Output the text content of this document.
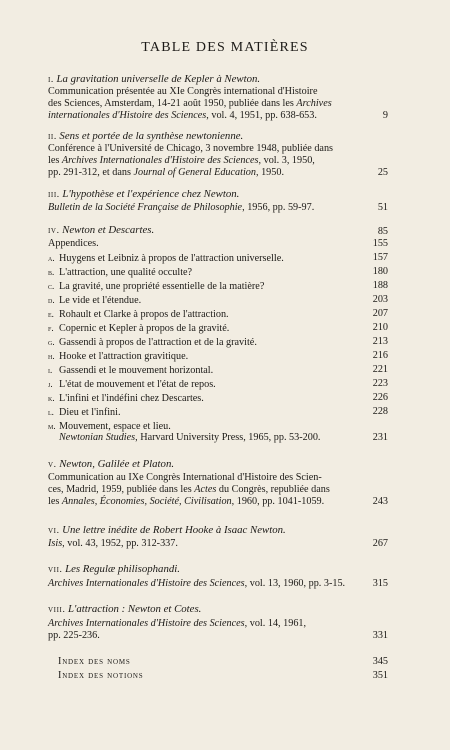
TABLE DES MATIÈRES
i. La gravitation universelle de Kepler à Newton.
Communication présentée au XIe Congrès international d'Histoire
des Sciences, Amsterdam, 14-21 août 1950, publiée dans les Archives
internationales d'Histoire des Sciences, vol. 4, 1951, pp. 638-653.	9
ii. Sens et portée de la synthèse newtonienne.
Conférence à l'Université de Chicago, 3 novembre 1948, publiée dans
les Archives Internationales d'Histoire des Sciences, vol. 3, 1950,
pp. 291-312, et dans Journal of General Education, 1950.	25
iii. L'hypothèse et l'expérience chez Newton.
Bulletin de la Société Française de Philosophie, 1956, pp. 59-97.	51
iv. Newton et Descartes.	85
Appendices.	155
a. Huygens et Leibniz à propos de l'attraction universelle.	157
b. L'attraction, une qualité occulte?	180
c. La gravité, une propriété essentielle de la matière?	188
d. Le vide et l'étendue.	203
e. Rohault et Clarke à propos de l'attraction.	207
f. Copernic et Kepler à propos de la gravité.	210
g. Gassendi à propos de l'attraction et de la gravité.	213
h. Hooke et l'attraction gravitique.	216
i. Gassendi et le mouvement horizontal.	221
j. L'état de mouvement et l'état de repos.	223
k. L'infini et l'indéfini chez Descartes.	226
l. Dieu et l'infini.	228
m. Mouvement, espace et lieu.
Newtonian Studies, Harvard University Press, 1965, pp. 53-200.	231
v. Newton, Galilée et Platon.
Communication au IXe Congrès International d'Histoire des Scien-
ces, Madrid, 1959, publiée dans les Actes du Congrès, republiée dans
les Annales, Économies, Société, Civilisation, 1960, pp. 1041-1059.	243
vi. Une lettre inédite de Robert Hooke à Isaac Newton.
Isis, vol. 43, 1952, pp. 312-337.	267
vii. Les Regulæ philisophandi.
Archives Internationales d'Histoire des Sciences, vol. 13, 1960, pp. 3-15.	315
viii. L'attraction : Newton et Cotes.
Archives Internationales d'Histoire des Sciences, vol. 14, 1961,
pp. 225-236.	331
Index des noms	345
Index des notions	351
